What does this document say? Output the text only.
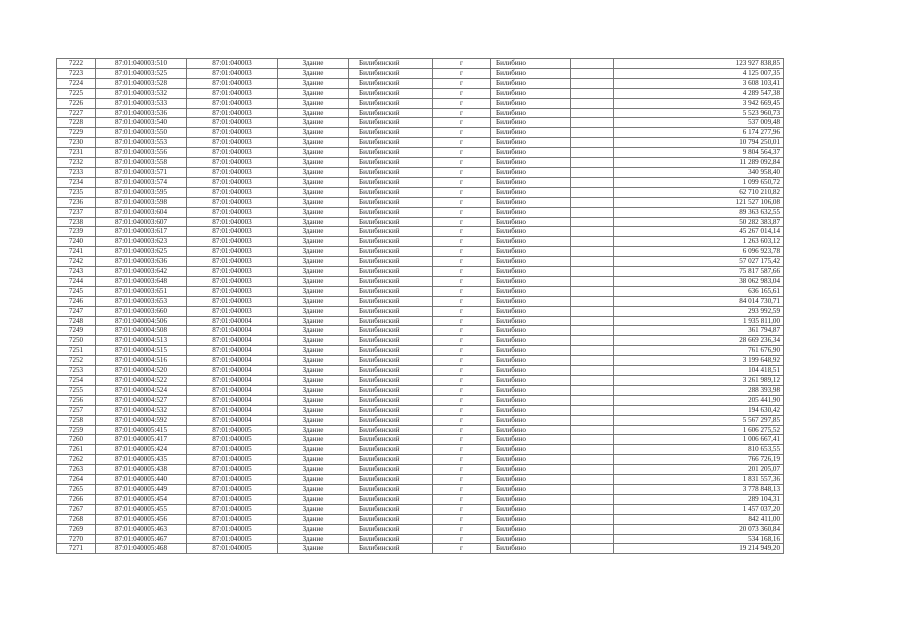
7222	87:01:040003:510	87:01:040003	Здание	Билибинский	г	Билибино		123 927 838,85
7223	87:01:040003:525	87:01:040003	Здание	Билибинский	г	Билибино		4 125 007,35
7224	87:01:040003:528	87:01:040003	Здание	Билибинский	г	Билибино		3 608 103,41
7225	87:01:040003:532	87:01:040003	Здание	Билибинский	г	Билибино		4 289 547,38
7226	87:01:040003:533	87:01:040003	Здание	Билибинский	г	Билибино		3 942 669,45
7227	87:01:040003:536	87:01:040003	Здание	Билибинский	г	Билибино		5 523 960,73
7228	87:01:040003:540	87:01:040003	Здание	Билибинский	г	Билибино		537 009,48
7229	87:01:040003:550	87:01:040003	Здание	Билибинский	г	Билибино		6 174 277,96
7230	87:01:040003:553	87:01:040003	Здание	Билибинский	г	Билибино		10 794 250,01
7231	87:01:040003:556	87:01:040003	Здание	Билибинский	г	Билибино		9 804 564,37
7232	87:01:040003:558	87:01:040003	Здание	Билибинский	г	Билибино		11 289 092,84
7233	87:01:040003:571	87:01:040003	Здание	Билибинский	г	Билибино		340 958,40
7234	87:01:040003:574	87:01:040003	Здание	Билибинский	г	Билибино		1 099 650,72
7235	87:01:040003:595	87:01:040003	Здание	Билибинский	г	Билибино		62 710 210,82
7236	87:01:040003:598	87:01:040003	Здание	Билибинский	г	Билибино		121 527 106,08
7237	87:01:040003:604	87:01:040003	Здание	Билибинский	г	Билибино		89 363 632,55
7238	87:01:040003:607	87:01:040003	Здание	Билибинский	г	Билибино		50 282 383,87
7239	87:01:040003:617	87:01:040003	Здание	Билибинский	г	Билибино		45 267 014,14
7240	87:01:040003:623	87:01:040003	Здание	Билибинский	г	Билибино		1 263 603,12
7241	87:01:040003:625	87:01:040003	Здание	Билибинский	г	Билибино		6 096 923,78
7242	87:01:040003:636	87:01:040003	Здание	Билибинский	г	Билибино		57 027 175,42
7243	87:01:040003:642	87:01:040003	Здание	Билибинский	г	Билибино		75 817 587,66
7244	87:01:040003:648	87:01:040003	Здание	Билибинский	г	Билибино		38 062 983,04
7245	87:01:040003:651	87:01:040003	Здание	Билибинский	г	Билибино		636 165,61
7246	87:01:040003:653	87:01:040003	Здание	Билибинский	г	Билибино		84 014 730,71
7247	87:01:040003:660	87:01:040003	Здание	Билибинский	г	Билибино		293 992,59
7248	87:01:040004:506	87:01:040004	Здание	Билибинский	г	Билибино		1 935 811,00
7249	87:01:040004:508	87:01:040004	Здание	Билибинский	г	Билибино		361 794,87
7250	87:01:040004:513	87:01:040004	Здание	Билибинский	г	Билибино		28 669 236,34
7251	87:01:040004:515	87:01:040004	Здание	Билибинский	г	Билибино		761 676,90
7252	87:01:040004:516	87:01:040004	Здание	Билибинский	г	Билибино		3 199 648,92
7253	87:01:040004:520	87:01:040004	Здание	Билибинский	г	Билибино		104 418,51
7254	87:01:040004:522	87:01:040004	Здание	Билибинский	г	Билибино		3 261 989,12
7255	87:01:040004:524	87:01:040004	Здание	Билибинский	г	Билибино		288 393,98
7256	87:01:040004:527	87:01:040004	Здание	Билибинский	г	Билибино		205 441,90
7257	87:01:040004:532	87:01:040004	Здание	Билибинский	г	Билибино		194 630,42
7258	87:01:040004:592	87:01:040004	Здание	Билибинский	г	Билибино		5 567 297,85
7259	87:01:040005:415	87:01:040005	Здание	Билибинский	г	Билибино		1 606 275,52
7260	87:01:040005:417	87:01:040005	Здание	Билибинский	г	Билибино		1 006 667,41
7261	87:01:040005:424	87:01:040005	Здание	Билибинский	г	Билибино		810 653,55
7262	87:01:040005:435	87:01:040005	Здание	Билибинский	г	Билибино		766 726,19
7263	87:01:040005:438	87:01:040005	Здание	Билибинский	г	Билибино		201 205,07
7264	87:01:040005:440	87:01:040005	Здание	Билибинский	г	Билибино		1 831 557,36
7265	87:01:040005:449	87:01:040005	Здание	Билибинский	г	Билибино		3 778 848,13
7266	87:01:040005:454	87:01:040005	Здание	Билибинский	г	Билибино		289 104,31
7267	87:01:040005:455	87:01:040005	Здание	Билибинский	г	Билибино		1 457 037,20
7268	87:01:040005:456	87:01:040005	Здание	Билибинский	г	Билибино		842 411,00
7269	87:01:040005:463	87:01:040005	Здание	Билибинский	г	Билибино		20 073 360,84
7270	87:01:040005:467	87:01:040005	Здание	Билибинский	г	Билибино		534 168,16
7271	87:01:040005:468	87:01:040005	Здание	Билибинский	г	Билибино		19 214 949,20
